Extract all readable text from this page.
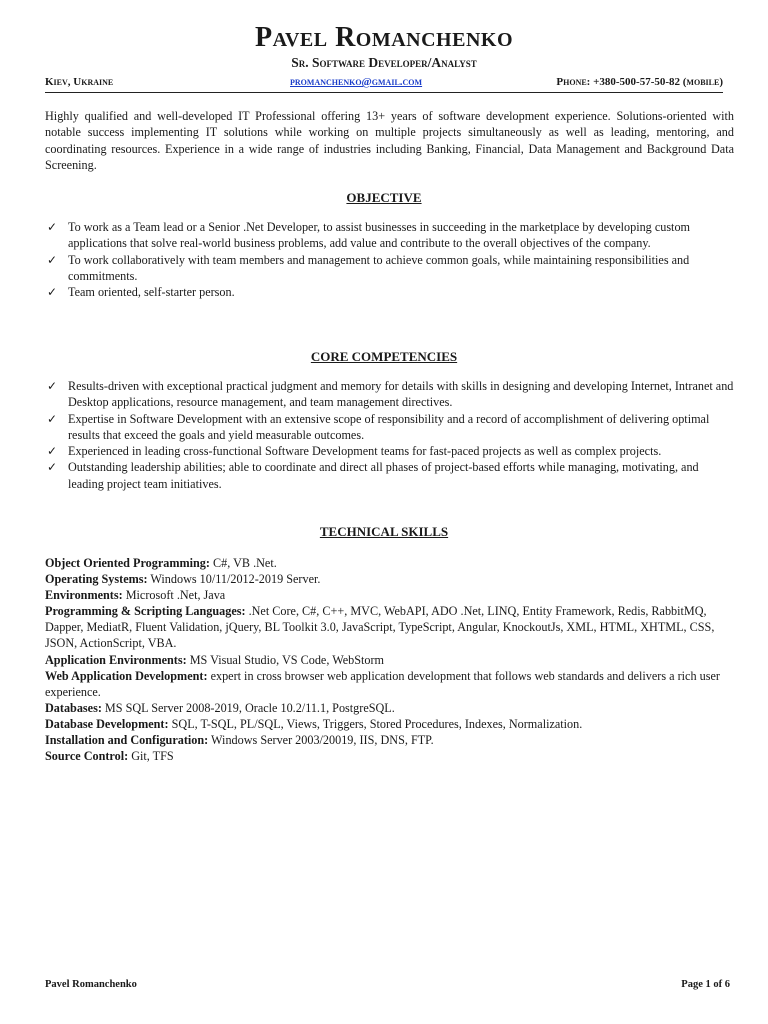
Pavel Romanchenko
Sr. Software Developer/Analyst
Kiev, Ukraine	promanchenko@gmail.com	Phone: +380-500-57-50-82 (mobile)
Highly qualified and well-developed IT Professional offering 13+ years of software development experience. Solutions-oriented with notable success implementing IT solutions while working on multiple projects simultaneously as well as leading, mentoring, and coordinating resources. Experience in a wide range of industries including Banking, Financial, Data Management and Background Data Screening.
OBJECTIVE
✓ To work as a Team lead or a Senior .Net Developer, to assist businesses in succeeding in the marketplace by developing custom applications that solve real-world business problems, add value and contribute to the overall objectives of the company.
✓ To work collaboratively with team members and management to achieve common goals, while maintaining responsibilities and commitments.
✓ Team oriented, self-starter person.
CORE COMPETENCIES
✓ Results-driven with exceptional practical judgment and memory for details with skills in designing and developing Internet, Intranet and Desktop applications, resource management, and team management directives.
✓ Expertise in Software Development with an extensive scope of responsibility and a record of accomplishment of delivering optimal results that exceed the goals and yield measurable outcomes.
✓ Experienced in leading cross-functional Software Development teams for fast-paced projects as well as complex projects.
✓ Outstanding leadership abilities; able to coordinate and direct all phases of project-based efforts while managing, motivating, and leading project team initiatives.
TECHNICAL SKILLS

Object Oriented Programming: C#, VB .Net.

Operating Systems: Windows 10/11/2012-2019 Server.

Environments: Microsoft .Net, Java

Programming & Scripting Languages: .Net Core, C#, C++, MVC, WebAPI, ADO .Net, LINQ, Entity Framework, Redis, RabbitMQ, Dapper, MediatR, Fluent Validation, jQuery, BL Toolkit 3.0, JavaScript, TypeScript, Angular, KnockoutJs, XML, HTML, XHTML, CSS, JSON, ActionScript, VBA.

Application Environments: MS Visual Studio, VS Code, WebStorm

Web Application Development: expert in cross browser web application development that follows web standards and delivers a rich user experience.

Databases: MS SQL Server 2008-2019, Oracle 10.2/11.1, PostgreSQL.

Database Development: SQL, T-SQL, PL/SQL, Views, Triggers, Stored Procedures, Indexes, Normalization.

Installation and Configuration: Windows Server 2003/20019, IIS, DNS, FTP.

Source Control: Git, TFS

Pavel Romanchenko	Page 1 of 6
